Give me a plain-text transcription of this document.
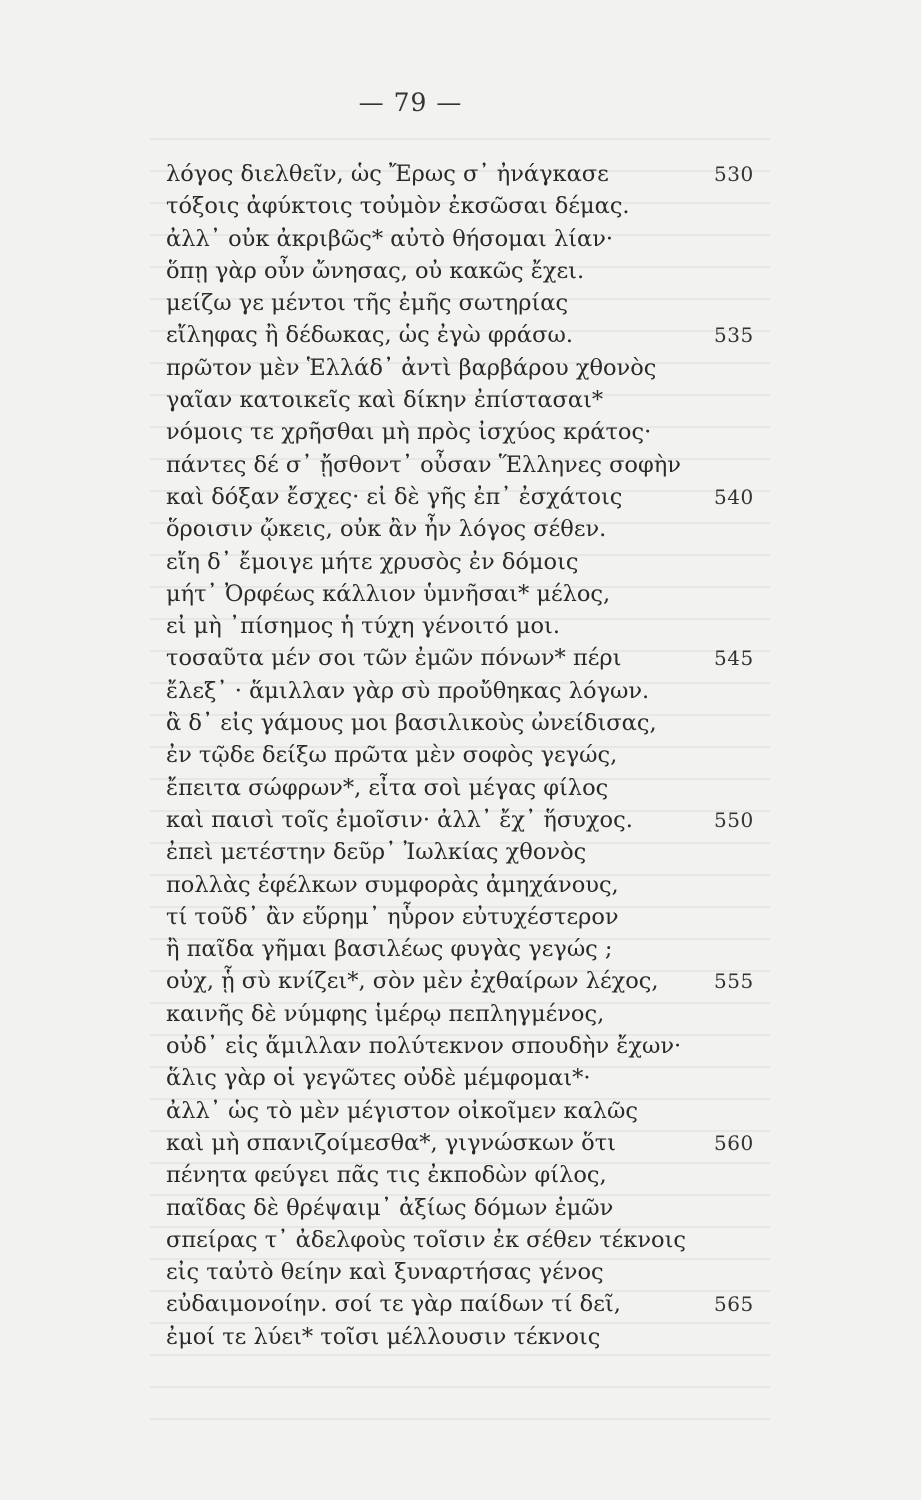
— 79 —
λόγος διελθεῖν, ὡς Ἔρως σ᾽ ἠνάγκασε	530
τόξοις ἀφύκτοις τοὐμὸν ἐκσῶσαι δέμας.
ἀλλ᾽ οὐκ ἀκριβῶς* αὐτὸ θήσομαι λίαν·
ὅπῃ γὰρ οὖν ὤνησας, οὐ κακῶς ἔχει.
μείζω γε μέντοι τῆς ἐμῆς σωτηρίας
εἴληφας ἢ δέδωκας, ὡς ἐγὼ φράσω.	535
πρῶτον μὲν Ἑλλάδ᾽ ἀντὶ βαρβάρου χθονὸς
γαῖαν κατοικεῖς καὶ δίκην ἐπίστασαι*
νόμοις τε χρῆσθαι μὴ πρὸς ἰσχύος κράτος·
πάντες δέ σ᾽ ᾔσθοντ᾽ οὖσαν Ἕλληνες σοφὴν
καὶ δόξαν ἔσχες· εἰ δὲ γῆς ἐπ᾽ ἐσχάτοις	540
ὅροισιν ᾤκεις, οὐκ ἂν ἦν λόγος σέθεν.
εἴη δ᾽ ἔμοιγε μήτε χρυσὸς ἐν δόμοις
μήτ᾽ Ὀρφέως κάλλιον ὑμνῆσαι* μέλος,
εἰ μὴ ᾽πίσημος ἡ τύχη γένοιτό μοι.
τοσαῦτα μέν σοι τῶν ἐμῶν πόνων* πέρι	545
ἔλεξ᾽ · ἅμιλλαν γὰρ σὺ προὔθηκας λόγων.
ἃ δ᾽ εἰς γάμους μοι βασιλικοὺς ὠνείδισας,
ἐν τῷδε δείξω πρῶτα μὲν σοφὸς γεγώς,
ἔπειτα σώφρων*, εἶτα σοὶ μέγας φίλος
καὶ παισὶ τοῖς ἐμοῖσιν· ἀλλ᾽ ἔχ᾽ ἥσυχος.	550
ἐπεὶ μετέστην δεῦρ᾽ Ἰωλκίας χθονὸς
πολλὰς ἐφέλκων συμφορὰς ἀμηχάνους,
τί τοῦδ᾽ ἂν εὕρημ᾽ ηὗρον εὐτυχέστερον
ἢ παῖδα γῆμαι βασιλέως φυγὰς γεγώς ;
οὐχ, ᾗ σὺ κνίζει*, σὸν μὲν ἐχθαίρων λέχος,	555
καινῆς δὲ νύμφης ἱμέρῳ πεπληγμένος,
οὐδ᾽ εἰς ἅμιλλαν πολύτεκνον σπουδὴν ἔχων·
ἅλις γὰρ οἱ γεγῶτες οὐδὲ μέμφομαι*·
ἀλλ᾽ ὡς τὸ μὲν μέγιστον οἰκοῖμεν καλῶς
καὶ μὴ σπανιζοίμεσθα*, γιγνώσκων ὅτι	560
πένητα φεύγει πᾶς τις ἐκποδὼν φίλος,
παῖδας δὲ θρέψαιμ᾽ ἀξίως δόμων ἐμῶν
σπείρας τ᾽ ἀδελφοὺς τοῖσιν ἐκ σέθεν τέκνοις
εἰς ταὐτὸ θείην καὶ ξυναρτήσας γένος
εὐδαιμονοίην. σοί τε γὰρ παίδων τί δεῖ,	565
ἐμοί τε λύει* τοῖσι μέλλουσιν τέκνοις
